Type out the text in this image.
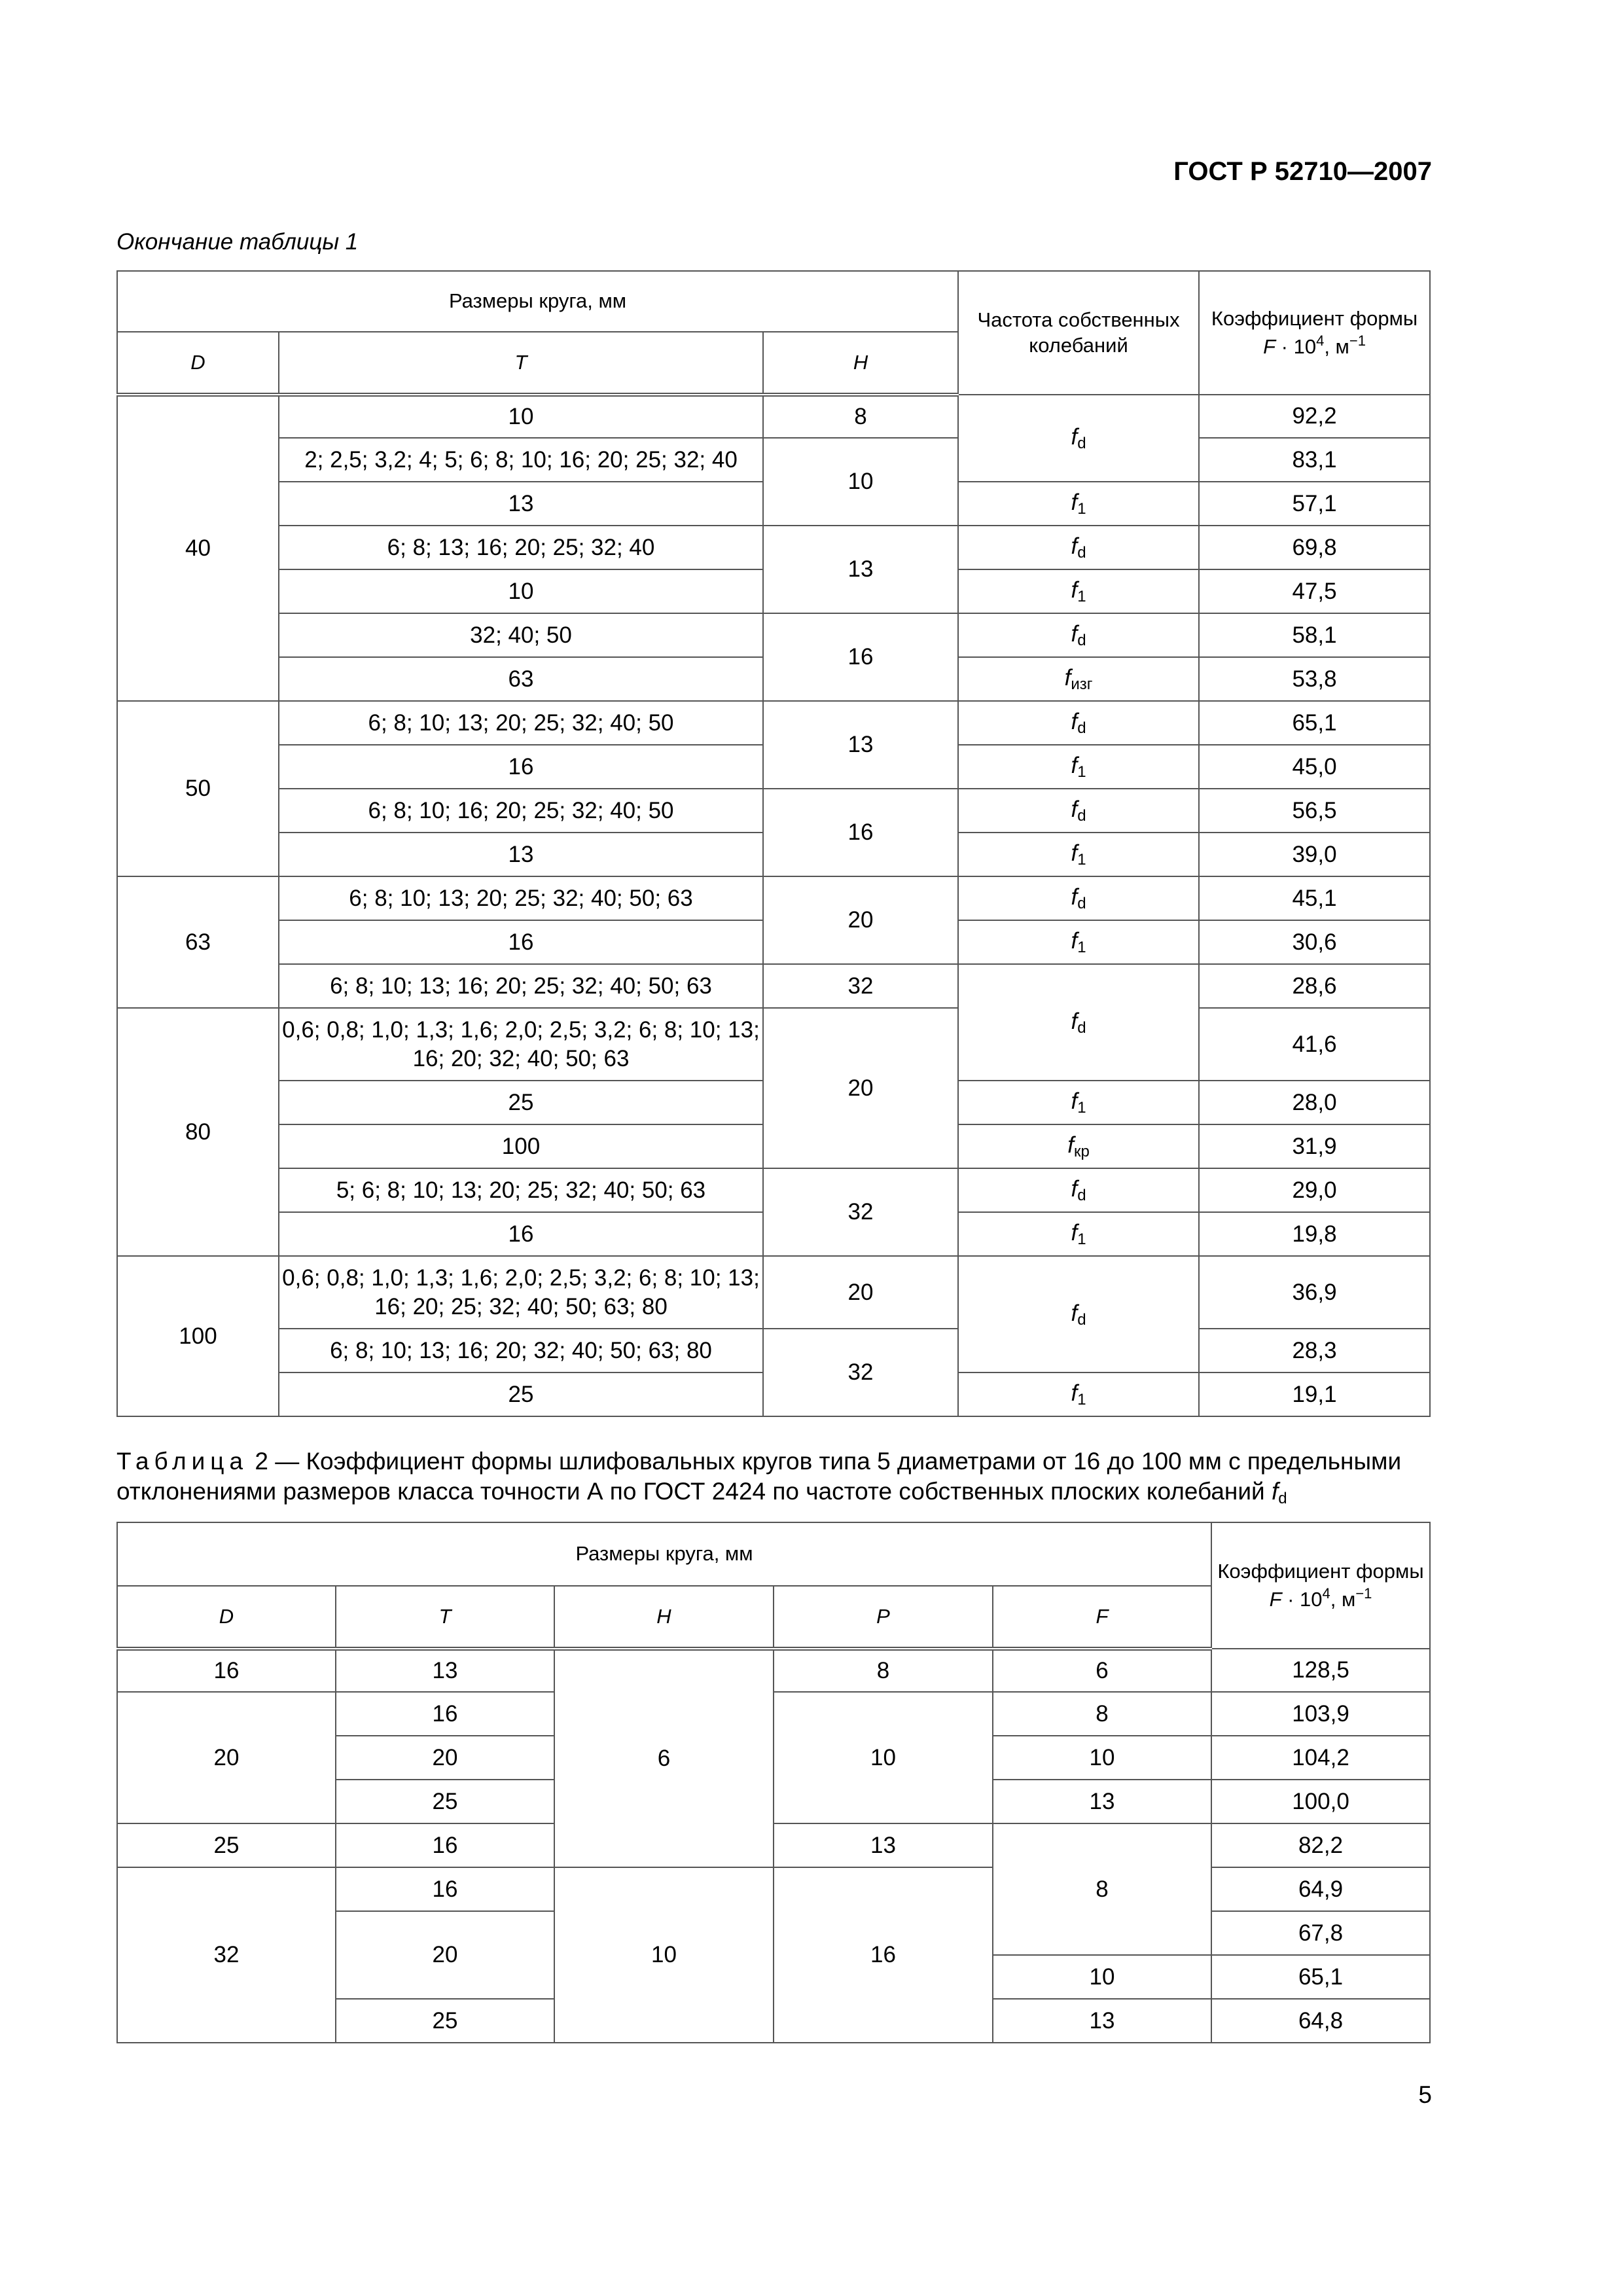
ГОСТ Р 52710—2007
Окончание таблицы 1
Размеры круга, мм			Частота собственных колебаний	Коэффициент формы
$F \cdot 10^4$, $м^{-1}$
D	T	H		
40	10	8	$f_d$	92,2
	2; 2,5; 3,2; 4; 5; 6; 8; 10; 16; 20; 25; 32; 40	10		83,1
	13		$f_1$	57,1
	6; 8; 13; 16; 20; 25; 32; 40	13	$f_d$	69,8
	10		$f_1$	47,5
	32; 40; 50	16	$f_d$	58,1
	63		$f_{изг}$	53,8
50	6; 8; 10; 13; 20; 25; 32; 40; 50	13	$f_d$	65,1
	16		$f_1$	45,0
	6; 8; 10; 16; 20; 25; 32; 40; 50	16	$f_d$	56,5
	13		$f_1$	39,0
63	6; 8; 10; 13; 20; 25; 32; 40; 50; 63	20	$f_d$	45,1
	16		$f_1$	30,6
	6; 8; 10; 13; 16; 20; 25; 32; 40; 50; 63	32	$f_d$	28,6
80	0,6; 0,8; 1,0; 1,3; 1,6; 2,0; 2,5; 3,2; 6; 8; 10; 13; 16; 20; 32; 40; 50; 63	20		41,6
	25		$f_1$	28,0
	100		$f_{кр}$	31,9
	5; 6; 8; 10; 13; 20; 25; 32; 40; 50; 63	32	$f_d$	29,0
	16		$f_1$	19,8
100	0,6; 0,8; 1,0; 1,3; 1,6; 2,0; 2,5; 3,2; 6; 8; 10; 13; 16; 20; 25; 32; 40; 50; 63; 80	20	$f_d$	36,9
	6; 8; 10; 13; 16; 20; 32; 40; 50; 63; 80	32		28,3
	25		$f_1$	19,1
Таблица 2 — Коэффициент формы шлифовальных кругов типа 5 диаметрами от 16 до 100 мм с предельными отклонениями размеров класса точности А по ГОСТ 2424 по частоте собственных плоских колебаний $f_d$
Размеры круга, мм					Коэффициент формы
$F \cdot 10^4$, $м^{-1}$
D	T	H	P	F	
16	13	6	8	6	128,5
20	16		10	8	103,9
	20			10	104,2
	25			13	100,0
25	16		13	8	82,2
32	16	10	16		64,9
	20				67,8
				10	65,1
	25			13	64,8
5
